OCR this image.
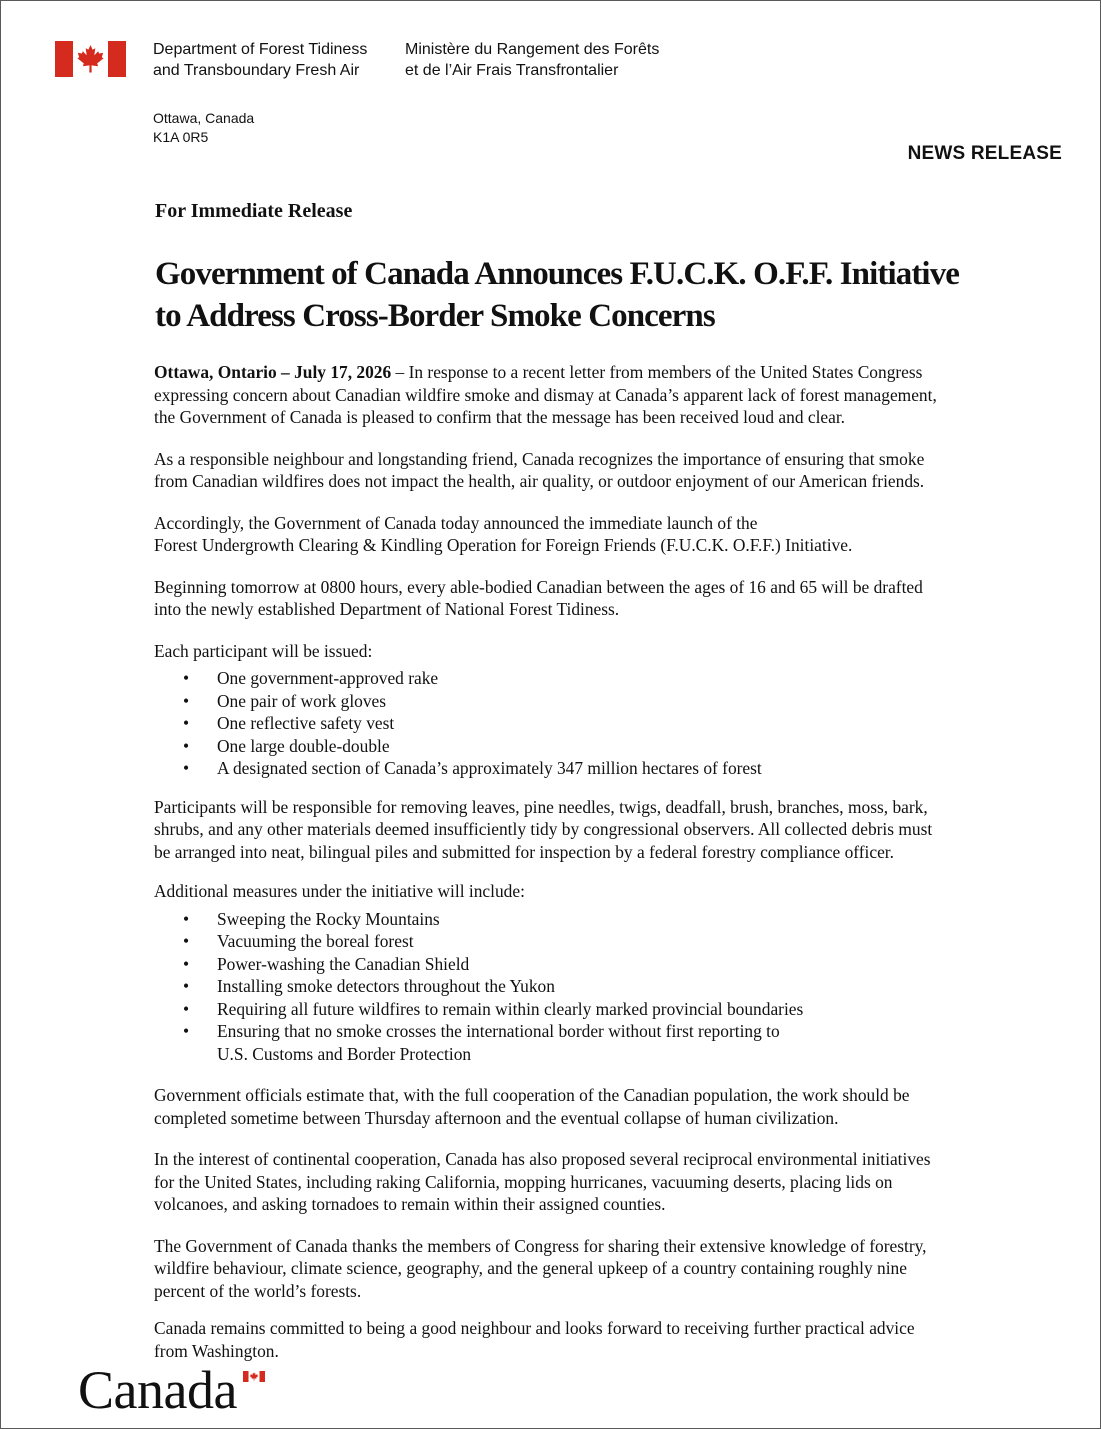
Department of Forest Tidiness
and Transboundary Fresh Air
Ministère du Rangement des Forêts
et de l’Air Frais Transfrontalier
Ottawa, Canada
K1A 0R5
NEWS RELEASE
For Immediate Release
Government of Canada Announces F.U.C.K. O.F.F. Initiative
to Address Cross-Border Smoke Concerns

Ottawa, Ontario – July 17, 2026 – In response to a recent letter from members of the United States Congress
expressing concern about Canadian wildfire smoke and dismay at Canada’s apparent lack of forest management,
the Government of Canada is pleased to confirm that the message has been received loud and clear.

As a responsible neighbour and longstanding friend, Canada recognizes the importance of ensuring that smoke
from Canadian wildfires does not impact the health, air quality, or outdoor enjoyment of our American friends.

Accordingly, the Government of Canada today announced the immediate launch of the
Forest Undergrowth Clearing & Kindling Operation for Foreign Friends (F.U.C.K. O.F.F.) Initiative.

Beginning tomorrow at 0800 hours, every able-bodied Canadian between the ages of 16 and 65 will be drafted
into the newly established Department of National Forest Tidiness.

Each participant will be issued:

• One government-approved rake
• One pair of work gloves
• One reflective safety vest
• One large double-double
• A designated section of Canada’s approximately 347 million hectares of forest

Participants will be responsible for removing leaves, pine needles, twigs, deadfall, brush, branches, moss, bark,
shrubs, and any other materials deemed insufficiently tidy by congressional observers. All collected debris must
be arranged into neat, bilingual piles and submitted for inspection by a federal forestry compliance officer.

Additional measures under the initiative will include:

• Sweeping the Rocky Mountains
• Vacuuming the boreal forest
• Power-washing the Canadian Shield
• Installing smoke detectors throughout the Yukon
• Requiring all future wildfires to remain within clearly marked provincial boundaries
• Ensuring that no smoke crosses the international border without first reporting to
U.S. Customs and Border Protection

Government officials estimate that, with the full cooperation of the Canadian population, the work should be
completed sometime between Thursday afternoon and the eventual collapse of human civilization.

In the interest of continental cooperation, Canada has also proposed several reciprocal environmental initiatives
for the United States, including raking California, mopping hurricanes, vacuuming deserts, placing lids on
volcanoes, and asking tornadoes to remain within their assigned counties.

The Government of Canada thanks the members of Congress for sharing their extensive knowledge of forestry,
wildfire behaviour, climate science, geography, and the general upkeep of a country containing roughly nine
percent of the world’s forests.

Canada remains committed to being a good neighbour and looks forward to receiving further practical advice
from Washington.

Canada
